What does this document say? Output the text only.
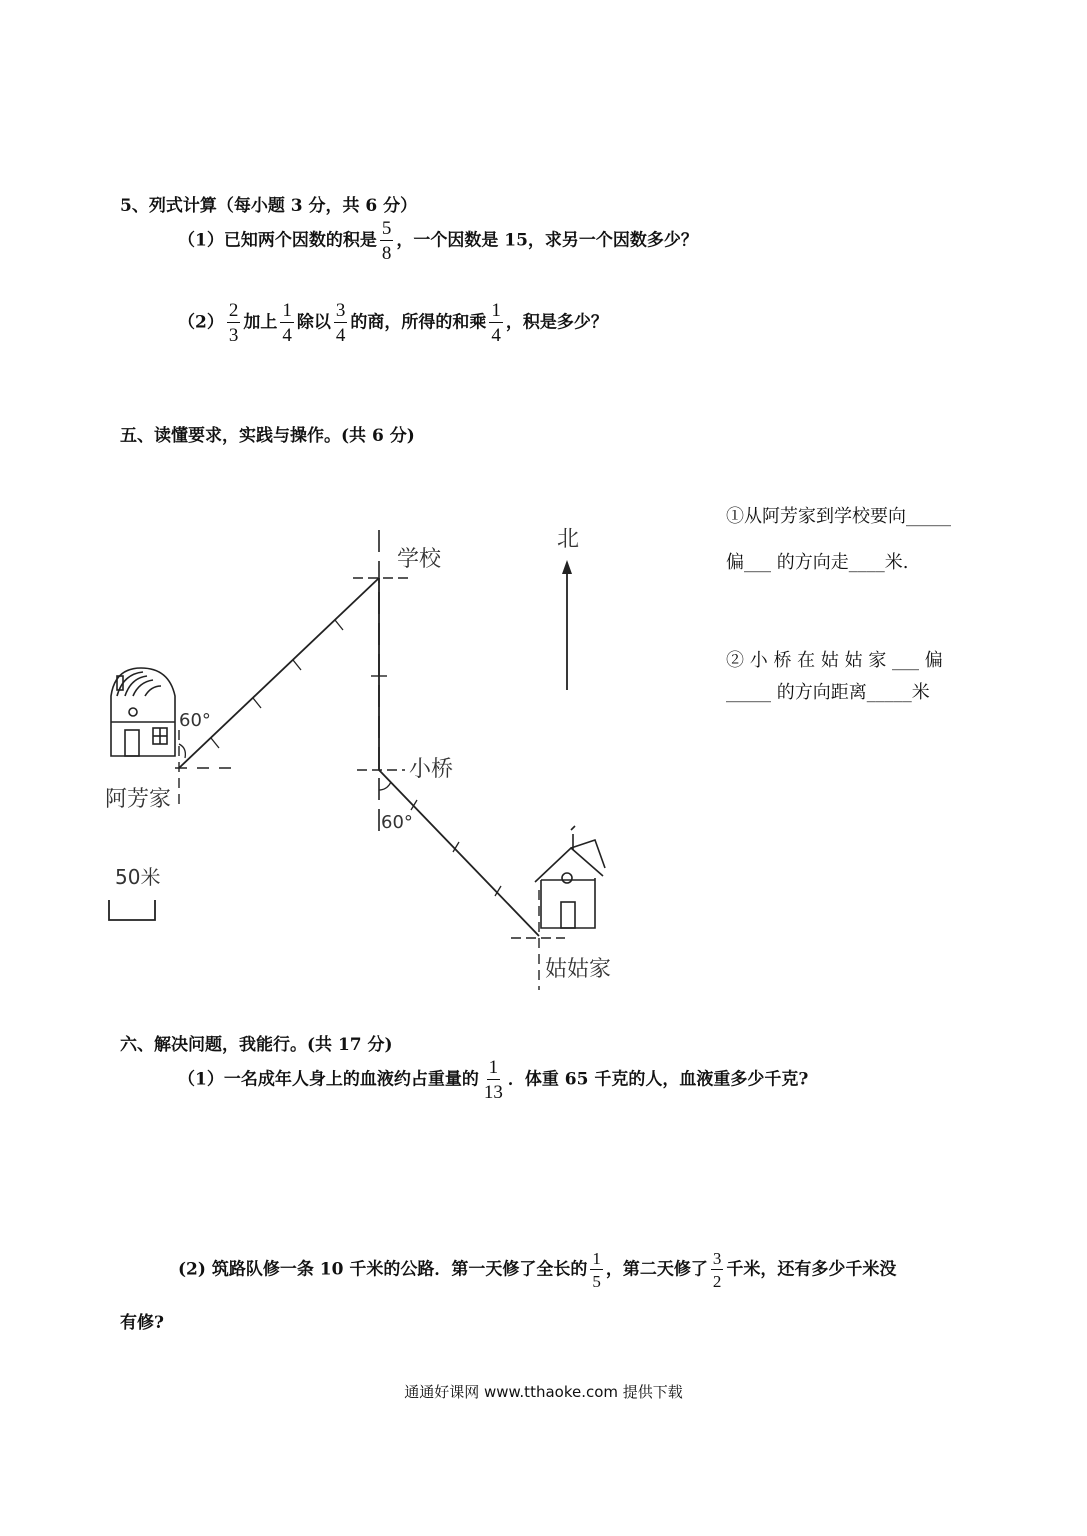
5、列式计算（每小题 3 分，共 6 分）
（1）已知两个因数的积是 $\frac{5}{8}$ ，一个因数是 15，求另一个因数多少？
$(2) \frac{2}{3}$ 加上 $\frac{1}{4}$ 除以 $\frac{3}{4}$ 的商，所得的和乘 $\frac{1}{4}$ ，积是多少？
五、读懂要求，实践与操作。(共 6 分)
学校
小桥
阿芳家
姑姑家
北
60°
60°
50米
①从阿芳家到学校要向_____
偏___ 的方向走____米.
② 小 桥 在 姑 姑 家 ___ 偏
_____ 的方向距离_____米
六、解决问题，我能行。(共 17 分)
（1）一名成年人身上的血液约占重量的 $\frac{1}{13}$ ．体重 65 千克的人，血液重多少千克?
(2) 筑路队修一条 10 千米的公路．第一天修了全长的 $\frac{1}{5}$ ，第二天修了 $\frac{3}{2}$ 千米，还有多少千米没
有修?
通通好课网 www.tthaoke.com 提供下载
